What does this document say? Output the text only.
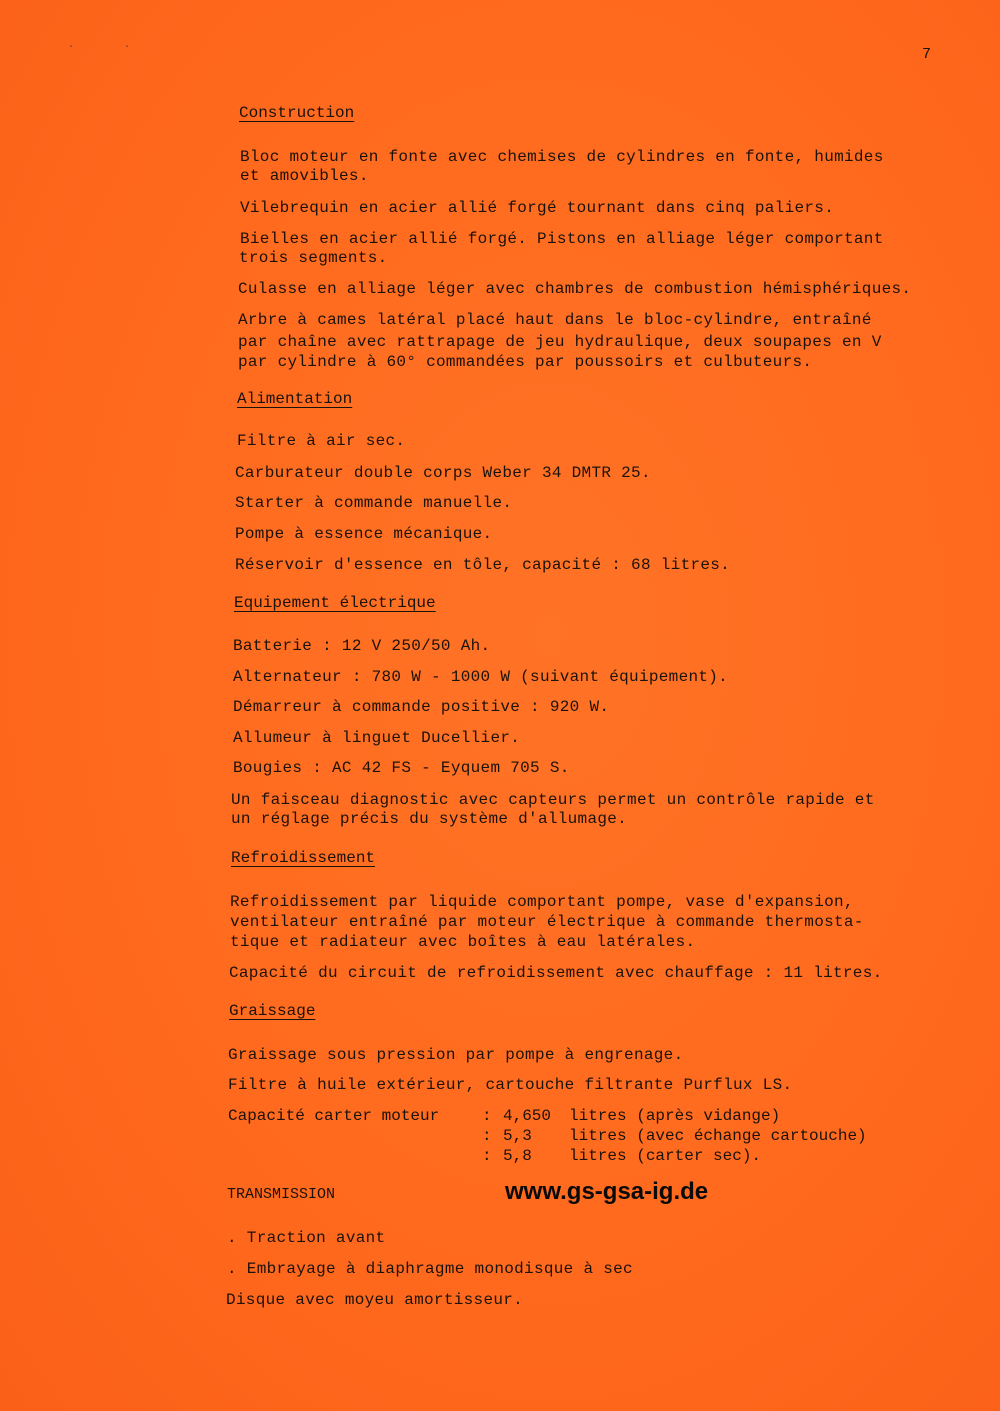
··	7
Construction
Bloc moteur en fonte avec chemises de cylindres en fonte, humides
et amovibles.
Vilebrequin en acier allié forgé tournant dans cinq paliers.
Bielles en acier allié forgé. Pistons en alliage léger comportant
trois segments.
Culasse en alliage léger avec chambres de combustion hémisphériques.
Arbre à cames latéral placé haut dans le bloc-cylindre, entraîné
par chaîne avec rattrapage de jeu hydraulique, deux soupapes en V
par cylindre à 60° commandées par poussoirs et culbuteurs.
Alimentation
Filtre à air sec.
Carburateur double corps Weber 34 DMTR 25.
Starter à commande manuelle.
Pompe à essence mécanique.
Réservoir d'essence en tôle, capacité : 68 litres.
Equipement électrique
Batterie : 12 V 250/50 Ah.
Alternateur : 780 W - 1000 W (suivant équipement).
Démarreur à commande positive : 920 W.
Allumeur à linguet Ducellier.
Bougies : AC 42 FS - Eyquem 705 S.
Un faisceau diagnostic avec capteurs permet un contrôle rapide et
un réglage précis du système d'allumage.
Refroidissement
Refroidissement par liquide comportant pompe, vase d'expansion,
ventilateur entraîné par moteur électrique à commande thermosta-
tique et radiateur avec boîtes à eau latérales.
Capacité du circuit de refroidissement avec chauffage : 11 litres.
Graissage
Graissage sous pression par pompe à engrenage.
Filtre à huile extérieur, cartouche filtrante Purflux LS.
Capacité carter moteur	: 4,650 litres (après vidange)
: 5,3 litres (avec échange cartouche)
: 5,8 litres (carter sec).
TRANSMISSION	www.gs-gsa-ig.de
. Traction avant
. Embrayage à diaphragme monodisque à sec
Disque avec moyeu amortisseur.
